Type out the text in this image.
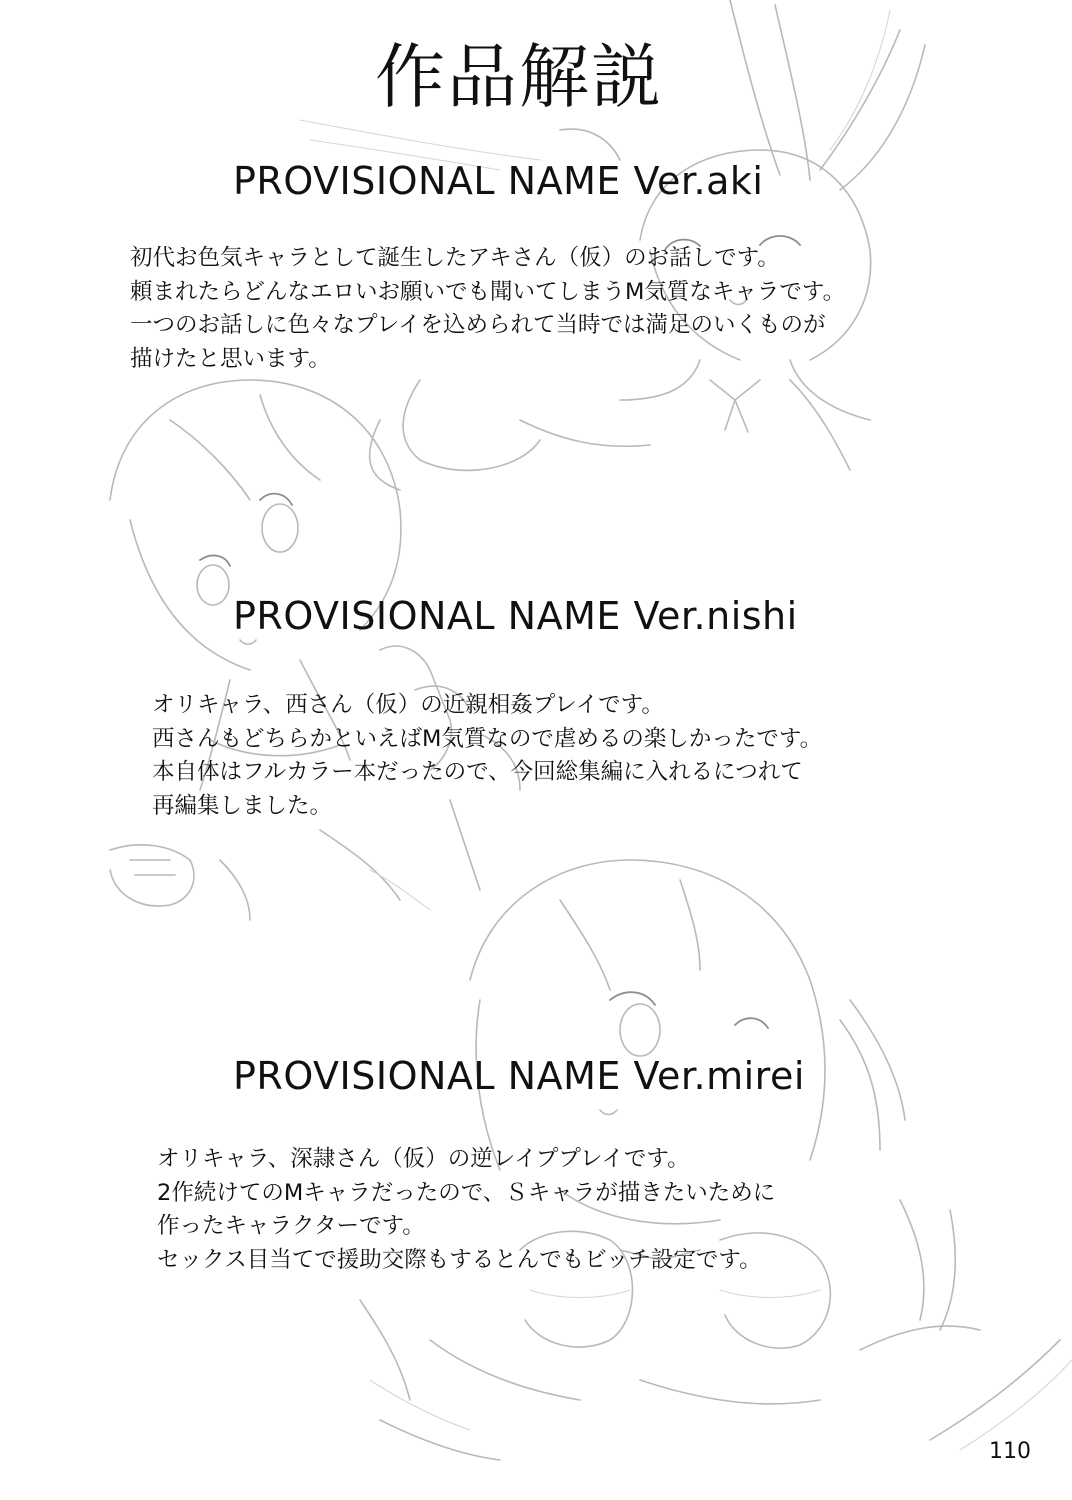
作品解説
PROVISIONAL NAME Ver.aki

初代お色気キャラとして誕生したアキさん（仮）のお話しです。

頼まれたらどんなエロいお願いでも聞いてしまうM気質なキャラです。

一つのお話しに色々なプレイを込められて当時では満足のいくものが

描けたと思います。

PROVISIONAL NAME Ver.nishi

オリキャラ、西さん（仮）の近親相姦プレイです。

西さんもどちらかといえばM気質なので虐めるの楽しかったです。

本自体はフルカラー本だったので、今回総集編に入れるにつれて

再編集しました。

PROVISIONAL NAME Ver.mirei

オリキャラ、深隷さん（仮）の逆レイププレイです。

2作続けてのMキャラだったので、Ｓキャラが描きたいために

作ったキャラクターです。

セックス目当てで援助交際もするとんでもビッチ設定です。

110
